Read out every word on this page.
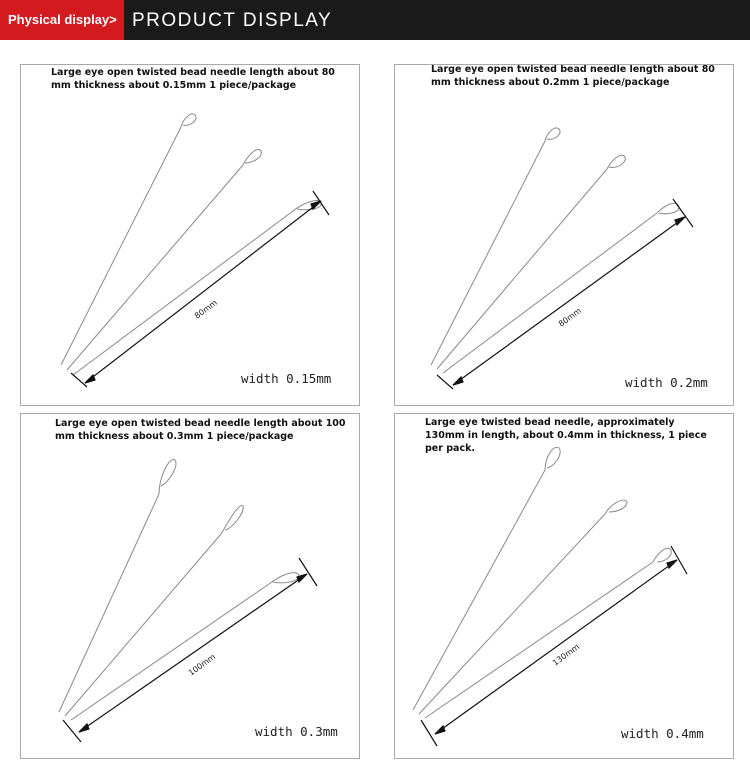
Physical display> PRODUCT DISPLAY
80mm
Large eye open twisted bead needle length about 80 mm thickness about 0.15mm 1 piece/package
width 0.15mm
80mm
Large eye open twisted bead needle length about 80 mm thickness about 0.2mm 1 piece/package
width 0.2mm
100mm
Large eye open twisted bead needle length about 100 mm thickness about 0.3mm 1 piece/package
width 0.3mm
130mm
Large eye twisted bead needle, approximately 130mm in length, about 0.4mm in thickness, 1 piece per pack.
width 0.4mm
